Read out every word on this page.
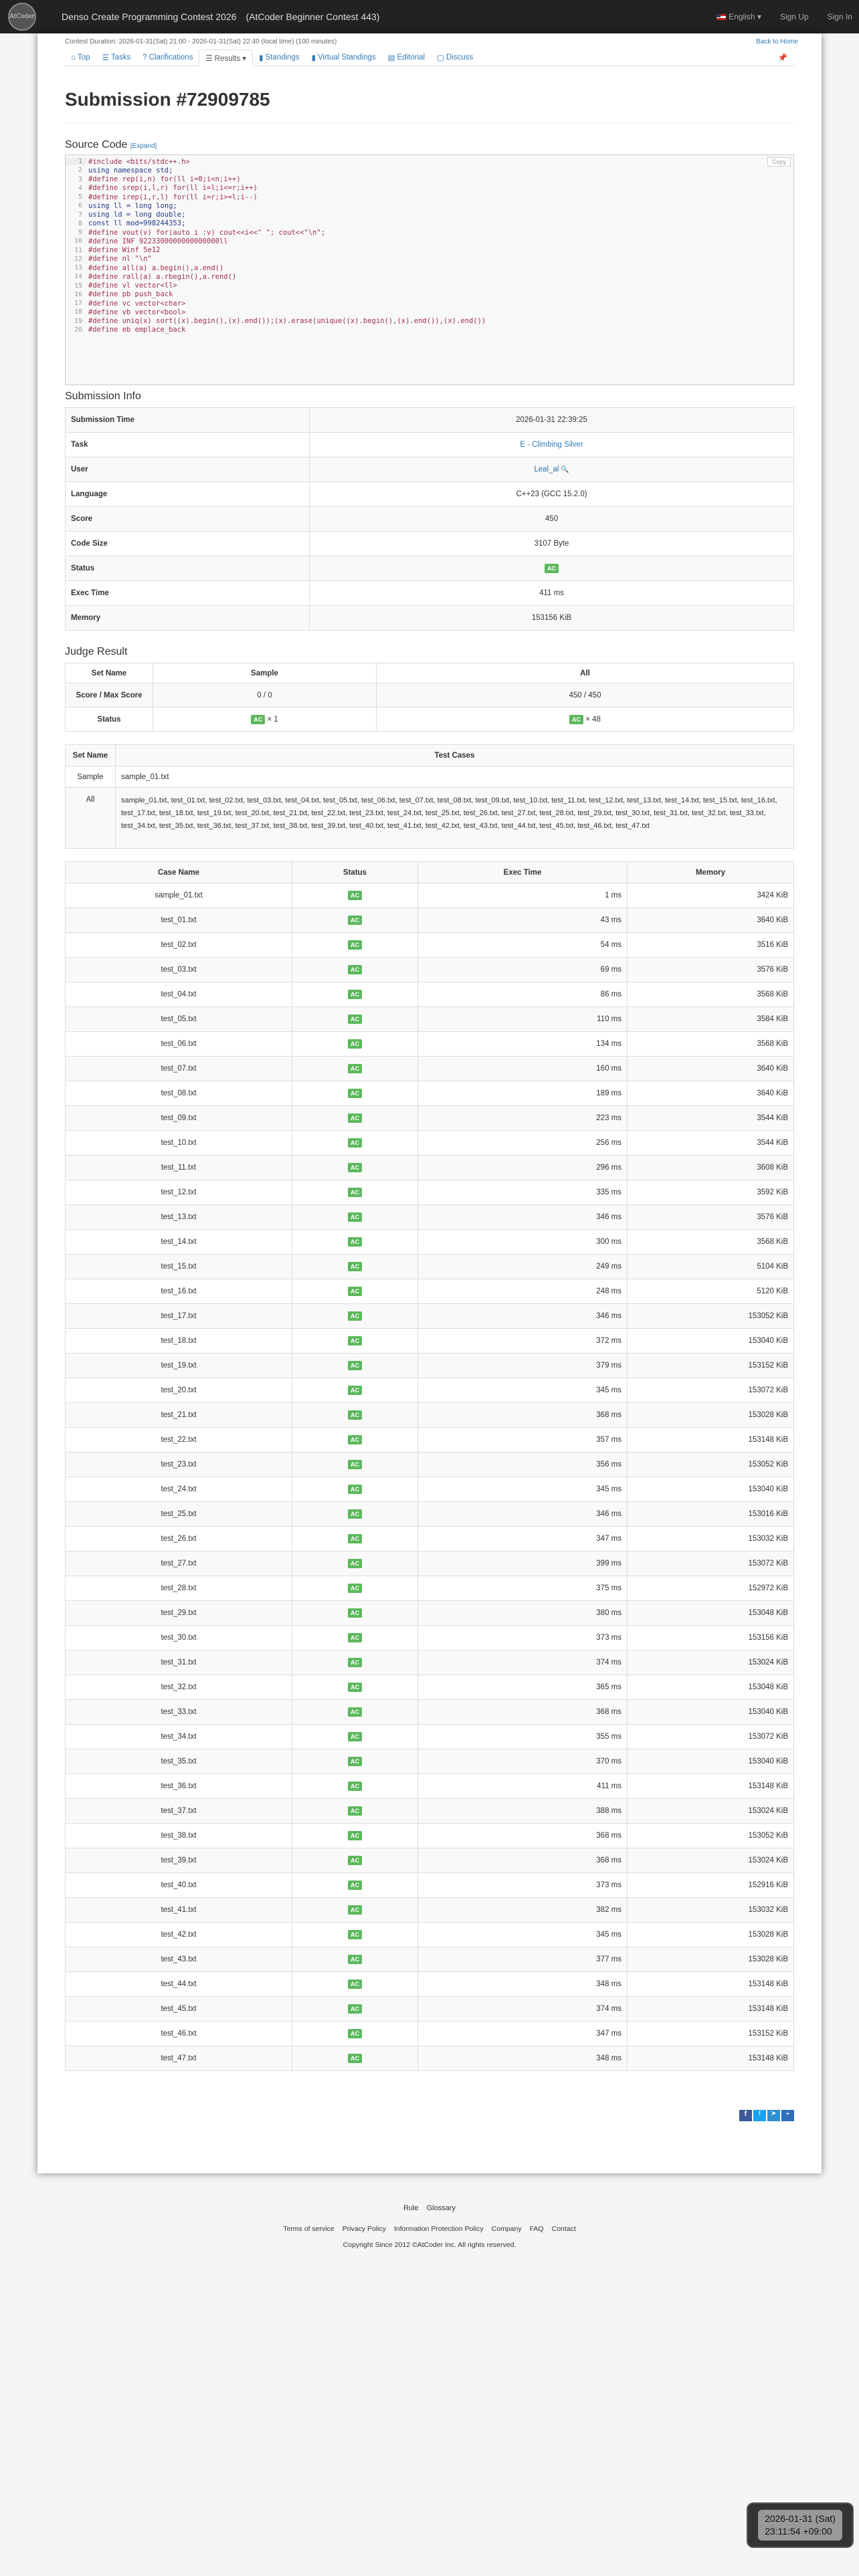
AtCoder	Denso Create Programming Contest 2026　(AtCoder Beginner Contest 443)	English ▾ Sign Up Sign In
Contest Duration: 2026-01-31(Sat) 21:00 - 2026-01-31(Sat) 22:40 (local time) (100 minutes)	Back to Home
⌂ Top ☰ Tasks ? Clarifications ☰ Results ▾ ▮ Standings ▮ Virtual Standings ▤ Editorial ▢ Discuss	📌
Submission #72909785
Source Code [Expand]
1 #include <bits/stdc++.h>
2 using namespace std;
3 #define rep(i,n) for(ll i=0;i<n;i++)
4 #define srep(i,l,r) for(ll i=l;i<=r;i++)
5 #define irep(i,r,l) for(ll i=r;i>=l;i--)
6 using ll = long long;
7 using ld = long double;
8 const ll mod=998244353;
9 #define vout(v) for(auto i :v) cout<<i<<" "; cout<<"\n";
10 #define INF 9223300000000000000ll
11 #define Winf 5e12
12 #define nl "\n"
13 #define all(a) a.begin(),a.end()
14 #define rall(a) a.rbegin(),a.rend()
15 #define vl vector<ll>
16 #define pb push_back
17 #define vc vector<char>
18 #define vb vector<bool>
19 #define uniq(x) sort((x).begin(),(x).end());(x).erase(unique((x).begin(),(x).end()),(x).end())
20 #define eb emplace_back
Copy
Submission Info
Submission Time	2026-01-31 22:39:25
Task	E - Climbing Silver
User	Leal_al 🔍
Language	C++23 (GCC 15.2.0)
Score	450
Code Size	3107 Byte
Status	AC
Exec Time	411 ms
Memory	153156 KiB
Judge Result
Set Name	Sample	All
Score / Max Score	0 / 0	450 / 450
Status	AC × 1	AC × 48
Set Name	Test Cases
Sample	sample_01.txt
All	sample_01.txt, test_01.txt, test_02.txt, test_03.txt, test_04.txt, test_05.txt, test_06.txt, test_07.txt, test_08.txt, test_09.txt, test_10.txt, test_11.txt, test_12.txt, test_13.txt, test_14.txt, test_15.txt, test_16.txt, test_17.txt, test_18.txt, test_19.txt, test_20.txt, test_21.txt, test_22.txt, test_23.txt, test_24.txt, test_25.txt, test_26.txt, test_27.txt, test_28.txt, test_29.txt, test_30.txt, test_31.txt, test_32.txt, test_33.txt, test_34.txt, test_35.txt, test_36.txt, test_37.txt, test_38.txt, test_39.txt, test_40.txt, test_41.txt, test_42.txt, test_43.txt, test_44.txt, test_45.txt, test_46.txt, test_47.txt
Case Name	Status	Exec Time	Memory
sample_01.txt	AC	1 ms	3424 KiB
test_01.txt	AC	43 ms	3640 KiB
test_02.txt	AC	54 ms	3516 KiB
test_03.txt	AC	69 ms	3576 KiB
test_04.txt	AC	86 ms	3568 KiB
test_05.txt	AC	110 ms	3584 KiB
test_06.txt	AC	134 ms	3568 KiB
test_07.txt	AC	160 ms	3640 KiB
test_08.txt	AC	189 ms	3640 KiB
test_09.txt	AC	223 ms	3544 KiB
test_10.txt	AC	256 ms	3544 KiB
test_11.txt	AC	296 ms	3608 KiB
test_12.txt	AC	335 ms	3592 KiB
test_13.txt	AC	346 ms	3576 KiB
test_14.txt	AC	300 ms	3568 KiB
test_15.txt	AC	249 ms	5104 KiB
test_16.txt	AC	248 ms	5120 KiB
test_17.txt	AC	346 ms	153052 KiB
test_18.txt	AC	372 ms	153040 KiB
test_19.txt	AC	379 ms	153152 KiB
test_20.txt	AC	345 ms	153072 KiB
test_21.txt	AC	368 ms	153028 KiB
test_22.txt	AC	357 ms	153148 KiB
test_23.txt	AC	356 ms	153052 KiB
test_24.txt	AC	345 ms	153040 KiB
test_25.txt	AC	346 ms	153016 KiB
test_26.txt	AC	347 ms	153032 KiB
test_27.txt	AC	399 ms	153072 KiB
test_28.txt	AC	375 ms	152972 KiB
test_29.txt	AC	380 ms	153048 KiB
test_30.txt	AC	373 ms	153156 KiB
test_31.txt	AC	374 ms	153024 KiB
test_32.txt	AC	365 ms	153048 KiB
test_33.txt	AC	368 ms	153040 KiB
test_34.txt	AC	355 ms	153072 KiB
test_35.txt	AC	370 ms	153040 KiB
test_36.txt	AC	411 ms	153148 KiB
test_37.txt	AC	388 ms	153024 KiB
test_38.txt	AC	368 ms	153052 KiB
test_39.txt	AC	368 ms	153024 KiB
test_40.txt	AC	373 ms	152916 KiB
test_41.txt	AC	382 ms	153032 KiB
test_42.txt	AC	345 ms	153028 KiB
test_43.txt	AC	377 ms	153028 KiB
test_44.txt	AC	348 ms	153148 KiB
test_45.txt	AC	374 ms	153148 KiB
test_46.txt	AC	347 ms	153152 KiB
test_47.txt	AC	348 ms	153148 KiB
f	t	➤	+
Rule Glossary
Terms of service Privacy Policy Information Protection Policy Company FAQ Contact
Copyright Since 2012 ©AtCoder Inc. All rights reserved.
2026-01-31 (Sat)
23:11:54 +09:00
